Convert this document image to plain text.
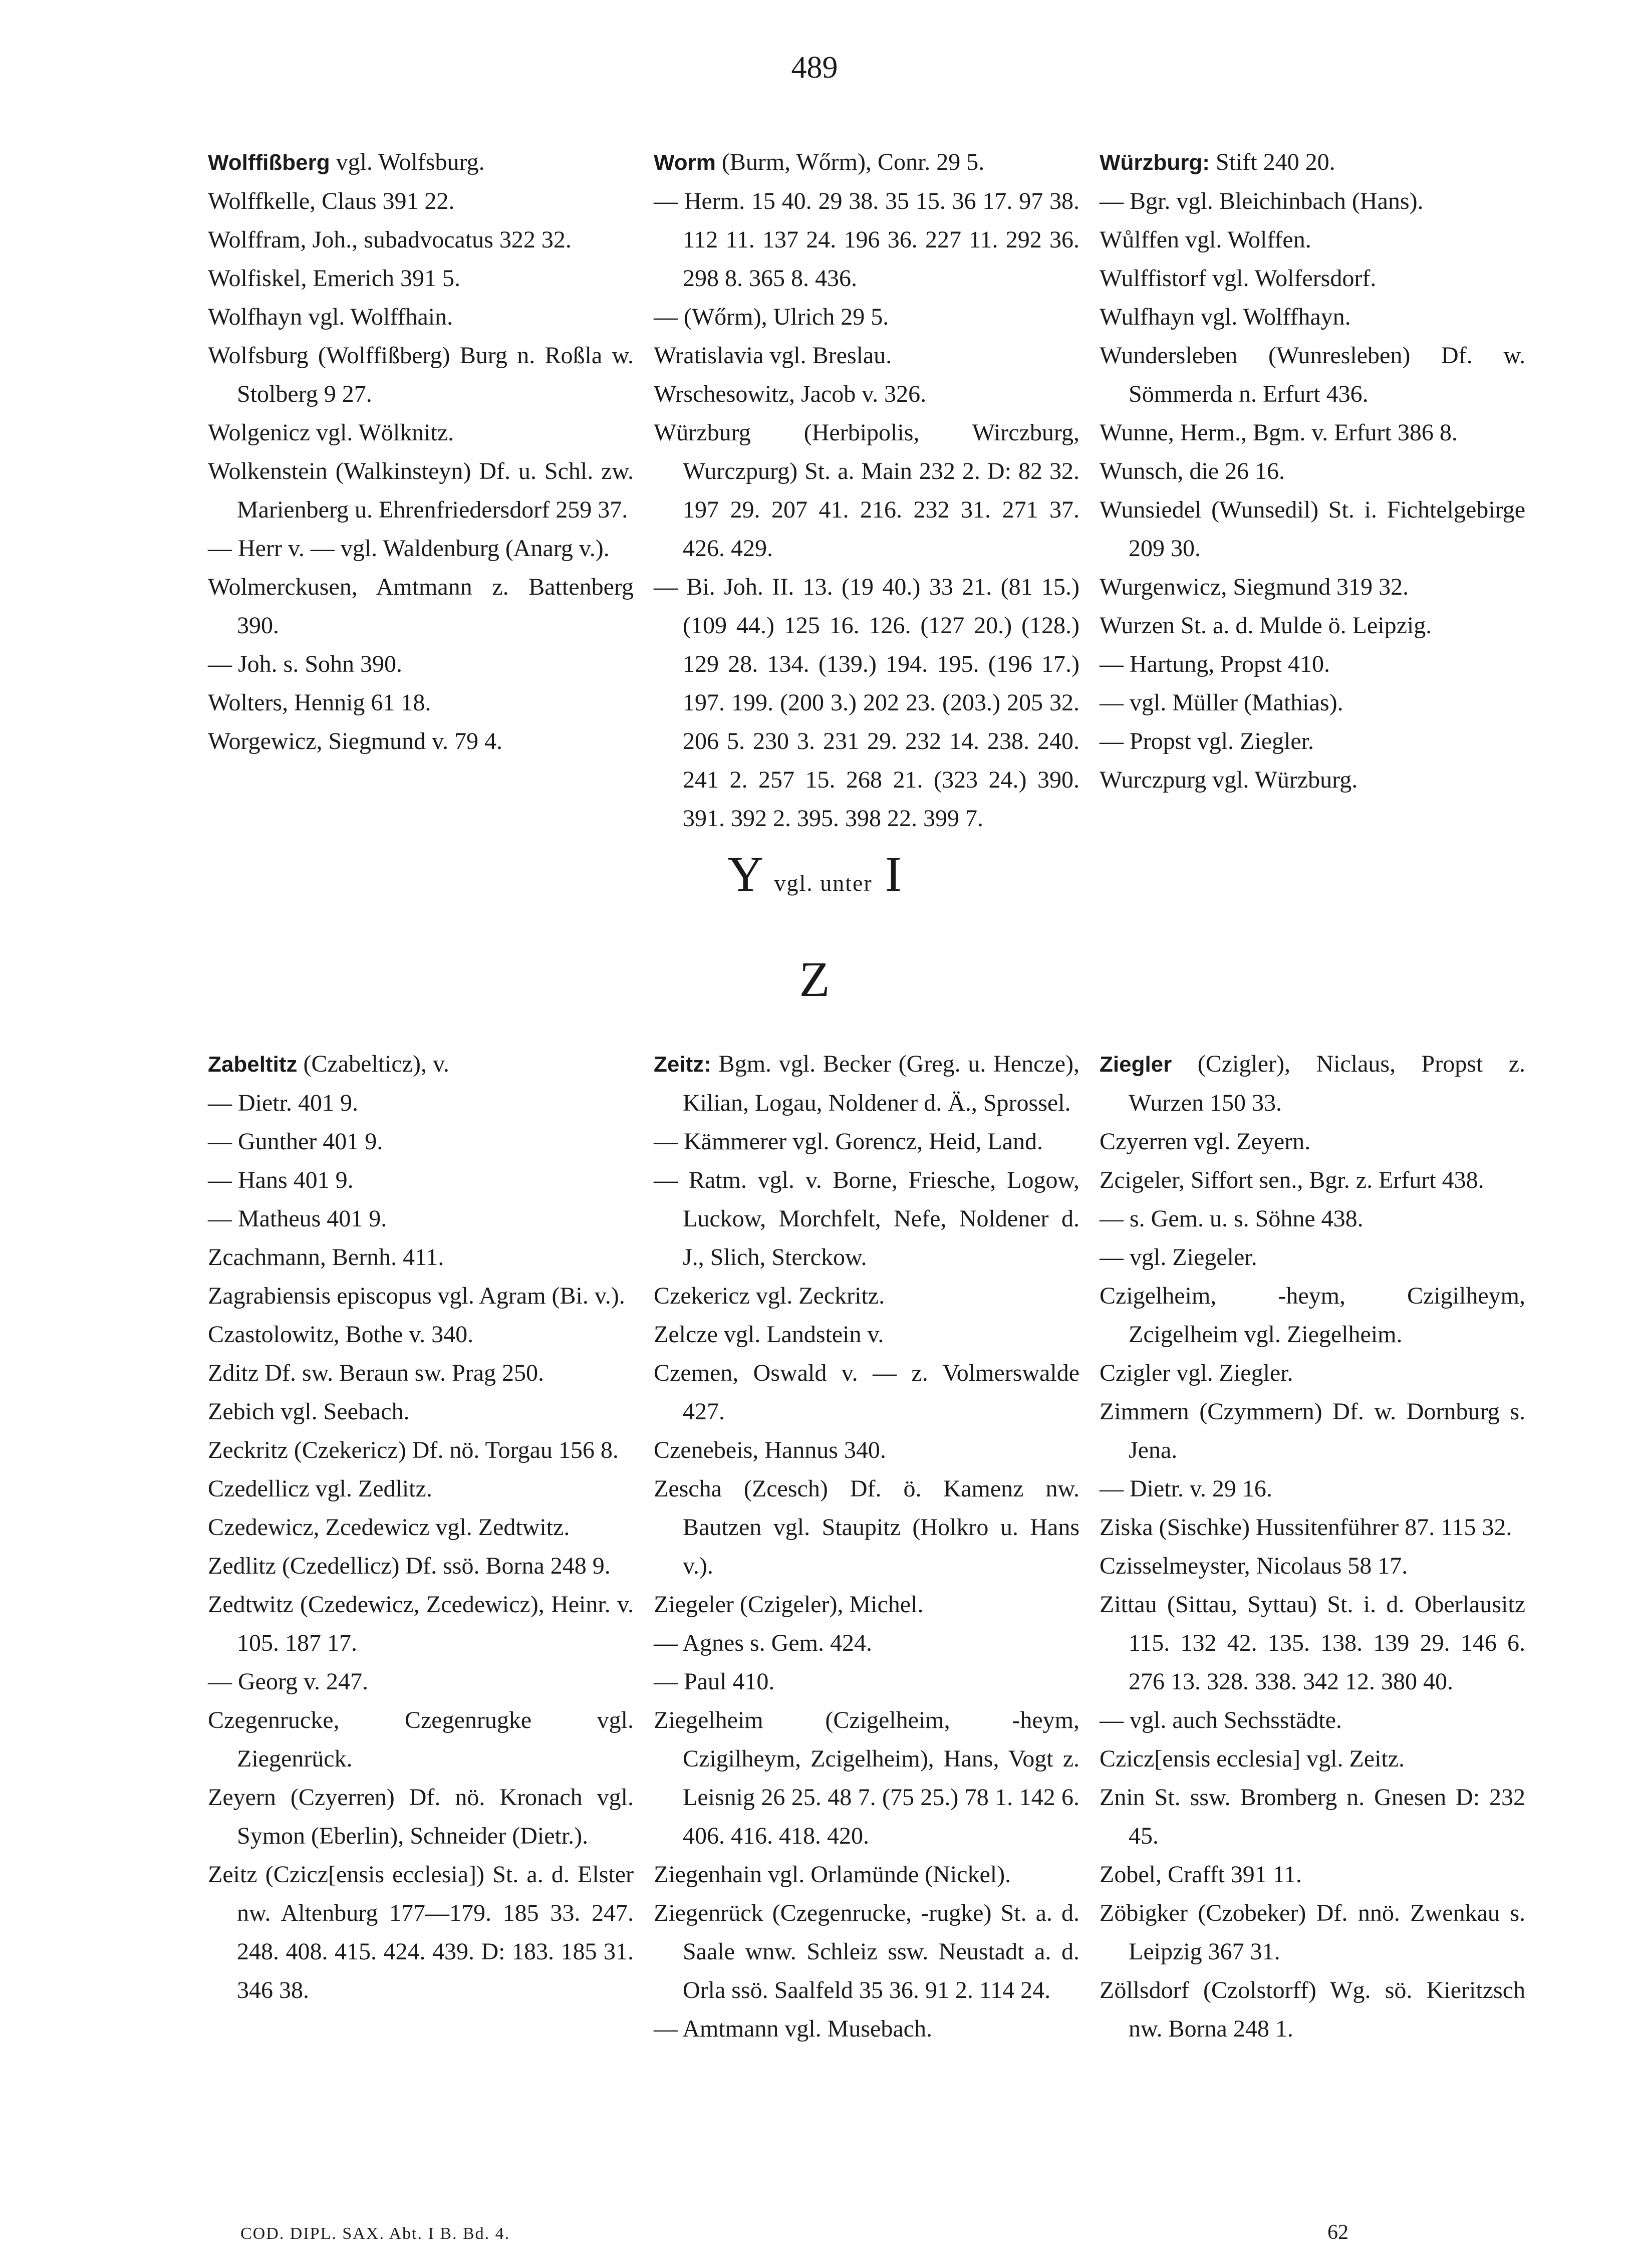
489

Wolffißberg vgl. Wolfsburg.

Wolffkelle, Claus 391 22.

Wolffram, Joh., subadvocatus 322 32.

Wolfiskel, Emerich 391 5.

Wolfhayn vgl. Wolffhain.

Wolfsburg (Wolffißberg) Burg n. Roßla w. Stolberg 9 27.

Wolgenicz vgl. Wölknitz.

Wolkenstein (Walkinsteyn) Df. u. Schl. zw. Marienberg u. Ehrenfriedersdorf 259 37.

— Herr v. — vgl. Waldenburg (Anarg v.).

Wolmerckusen, Amtmann z. Battenberg 390.

— Joh. s. Sohn 390.

Wolters, Hennig 61 18.

Worgewicz, Siegmund v. 79 4.

Worm (Burm, Wőrm), Conr. 29 5.

— Herm. 15 40. 29 38. 35 15. 36 17. 97 38. 112 11. 137 24. 196 36. 227 11. 292 36. 298 8. 365 8. 436.

— (Wőrm), Ulrich 29 5.

Wratislavia vgl. Breslau.

Wrschesowitz, Jacob v. 326.

Würzburg (Herbipolis, Wirczburg, Wurczpurg) St. a. Main 232 2. D: 82 32. 197 29. 207 41. 216. 232 31. 271 37. 426. 429.

— Bi. Joh. II. 13. (19 40.) 33 21. (81 15.) (109 44.) 125 16. 126. (127 20.) (128.) 129 28. 134. (139.) 194. 195. (196 17.) 197. 199. (200 3.) 202 23. (203.) 205 32. 206 5. 230 3. 231 29. 232 14. 238. 240. 241 2. 257 15. 268 21. (323 24.) 390. 391. 392 2. 395. 398 22. 399 7.

Würzburg: Stift 240 20.

— Bgr. vgl. Bleichinbach (Hans).

Wůlffen vgl. Wolffen.

Wulffistorf vgl. Wolfersdorf.

Wulfhayn vgl. Wolffhayn.

Wundersleben (Wunresleben) Df. w. Sömmerda n. Erfurt 436.

Wunne, Herm., Bgm. v. Erfurt 386 8.

Wunsch, die 26 16.

Wunsiedel (Wunsedil) St. i. Fichtelgebirge 209 30.

Wurgenwicz, Siegmund 319 32.

Wurzen St. a. d. Mulde ö. Leipzig.

— Hartung, Propst 410.

— vgl. Müller (Mathias).

— Propst vgl. Ziegler.

Wurczpurg vgl. Würzburg.

Y vgl. unter I
Z

Zabeltitz (Czabelticz), v.

— Dietr. 401 9.

— Gunther 401 9.

— Hans 401 9.

— Matheus 401 9.

Zcachmann, Bernh. 411.

Zagrabiensis episcopus vgl. Agram (Bi. v.).

Czastolowitz, Bothe v. 340.

Zditz Df. sw. Beraun sw. Prag 250.

Zebich vgl. Seebach.

Zeckritz (Czekericz) Df. nö. Torgau 156 8.

Czedellicz vgl. Zedlitz.

Czedewicz, Zcedewicz vgl. Zedtwitz.

Zedlitz (Czedellicz) Df. ssö. Borna 248 9.

Zedtwitz (Czedewicz, Zcedewicz), Heinr. v. 105. 187 17.

— Georg v. 247.

Czegenrucke, Czegenrugke vgl. Ziegenrück.

Zeyern (Czyerren) Df. nö. Kronach vgl. Symon (Eberlin), Schneider (Dietr.).

Zeitz (Czicz[ensis ecclesia]) St. a. d. Elster nw. Altenburg 177—179. 185 33. 247. 248. 408. 415. 424. 439. D: 183. 185 31. 346 38.

Zeitz: Bgm. vgl. Becker (Greg. u. Hencze), Kilian, Logau, Noldener d. Ä., Sprossel.

— Kämmerer vgl. Gorencz, Heid, Land.

— Ratm. vgl. v. Borne, Friesche, Logow, Luckow, Morchfelt, Nefe, Noldener d. J., Slich, Sterckow.

Czekericz vgl. Zeckritz.

Zelcze vgl. Landstein v.

Czemen, Oswald v. — z. Volmerswalde 427.

Czenebeis, Hannus 340.

Zescha (Zcesch) Df. ö. Kamenz nw. Bautzen vgl. Staupitz (Holkro u. Hans v.).

Ziegeler (Czigeler), Michel.

— Agnes s. Gem. 424.

— Paul 410.

Ziegelheim (Czigelheim, -heym, Czigilheym, Zcigelheim), Hans, Vogt z. Leisnig 26 25. 48 7. (75 25.) 78 1. 142 6. 406. 416. 418. 420.

Ziegenhain vgl. Orlamünde (Nickel).

Ziegenrück (Czegenrucke, -rugke) St. a. d. Saale wnw. Schleiz ssw. Neustadt a. d. Orla ssö. Saalfeld 35 36. 91 2. 114 24.

— Amtmann vgl. Musebach.

Ziegler (Czigler), Niclaus, Propst z. Wurzen 150 33.

Czyerren vgl. Zeyern.

Zcigeler, Siffort sen., Bgr. z. Erfurt 438.

— s. Gem. u. s. Söhne 438.

— vgl. Ziegeler.

Czigelheim, -heym, Czigilheym, Zcigelheim vgl. Ziegelheim.

Czigler vgl. Ziegler.

Zimmern (Czymmern) Df. w. Dornburg s. Jena.

— Dietr. v. 29 16.

Ziska (Sischke) Hussitenführer 87. 115 32.

Czisselmeyster, Nicolaus 58 17.

Zittau (Sittau, Syttau) St. i. d. Oberlausitz 115. 132 42. 135. 138. 139 29. 146 6. 276 13. 328. 338. 342 12. 380 40.

— vgl. auch Sechsstädte.

Czicz[ensis ecclesia] vgl. Zeitz.

Znin St. ssw. Bromberg n. Gnesen D: 232 45.

Zobel, Crafft 391 11.

Zöbigker (Czobeker) Df. nnö. Zwenkau s. Leipzig 367 31.

Zöllsdorf (Czolstorff) Wg. sö. Kieritzsch nw. Borna 248 1.

COD. DIPL. SAX. Abt. I B. Bd. 4.	62
